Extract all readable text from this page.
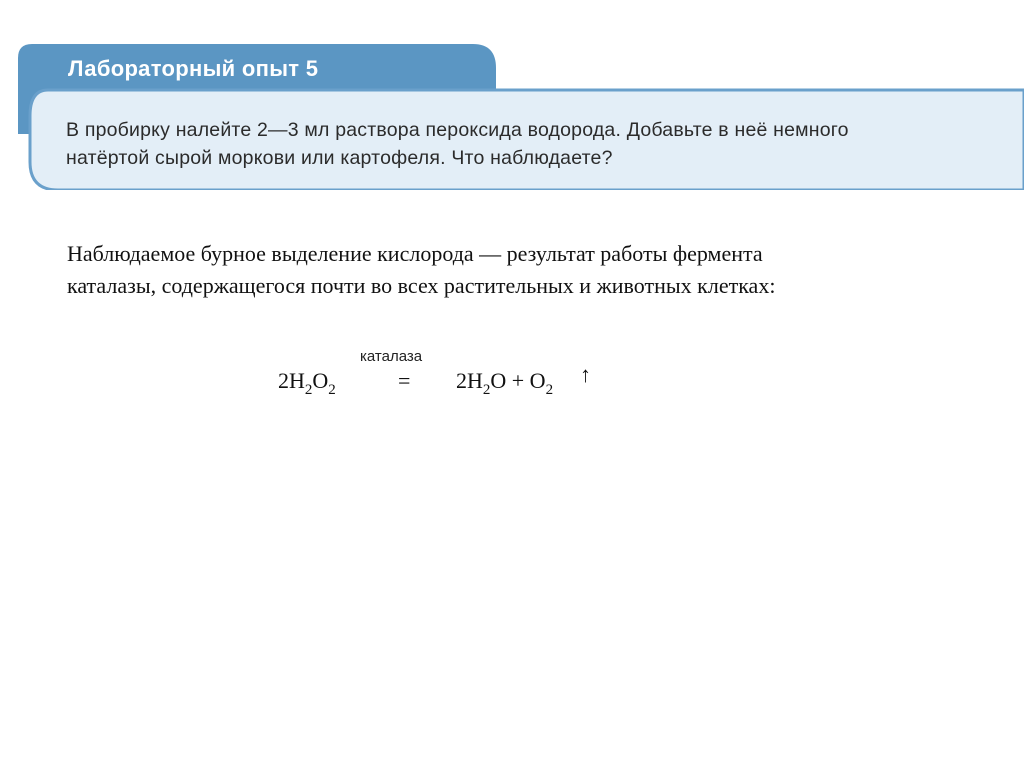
Лабораторный опыт 5
В пробирку налейте 2—3 мл раствора пероксида водорода. Добавьте в неё немного
натёртой сырой моркови или картофеля. Что наблюдаете?
Наблюдаемое бурное выделение кислорода — результат работы фермента
каталазы, содержащегося почти во всех растительных и животных клетках:
каталаза
$2H_2O_2$	= $2H_2O + O_2$
↑
